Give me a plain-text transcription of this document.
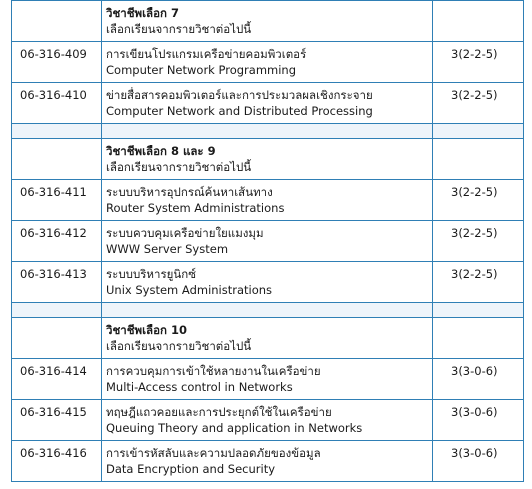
	วิชาชีพเลือก 7
เลือกเรียนจากรายวิชาต่อไปนี้	

06-316-409	การเขียนโปรแกรมเครือข่ายคอมพิวเตอร์
Computer Network Programming	3(2-2-5)
06-316-410	ข่ายสื่อสารคอมพิวเตอร์และการประมวลผลเชิงกระจาย
Computer Network and Distributed Processing	3(2-2-5)

	วิชาชีพเลือก 8 และ 9
เลือกเรียนจากรายวิชาต่อไปนี้	

06-316-411	ระบบบริหารอุปกรณ์ค้นหาเส้นทาง
Router System Administrations	3(2-2-5)
06-316-412	ระบบควบคุมเครือข่ายใยแมงมุม
WWW Server System	3(2-2-5)
06-316-413	ระบบบริหารยูนิกซ์
Unix System Administrations	3(2-2-5)

	วิชาชีพเลือก 10
เลือกเรียนจากรายวิชาต่อไปนี้	

06-316-414	การควบคุมการเข้าใช้หลายงานในเครือข่าย
Multi-Access control in Networks	3(3-0-6)
06-316-415	ทฤษฎีแถวคอยและการประยุกต์ใช้ในเครือข่าย
Queuing Theory and application in Networks	3(3-0-6)
06-316-416	การเข้ารหัสลับและความปลอดภัยของข้อมูล
Data Encryption and Security	3(3-0-6)
